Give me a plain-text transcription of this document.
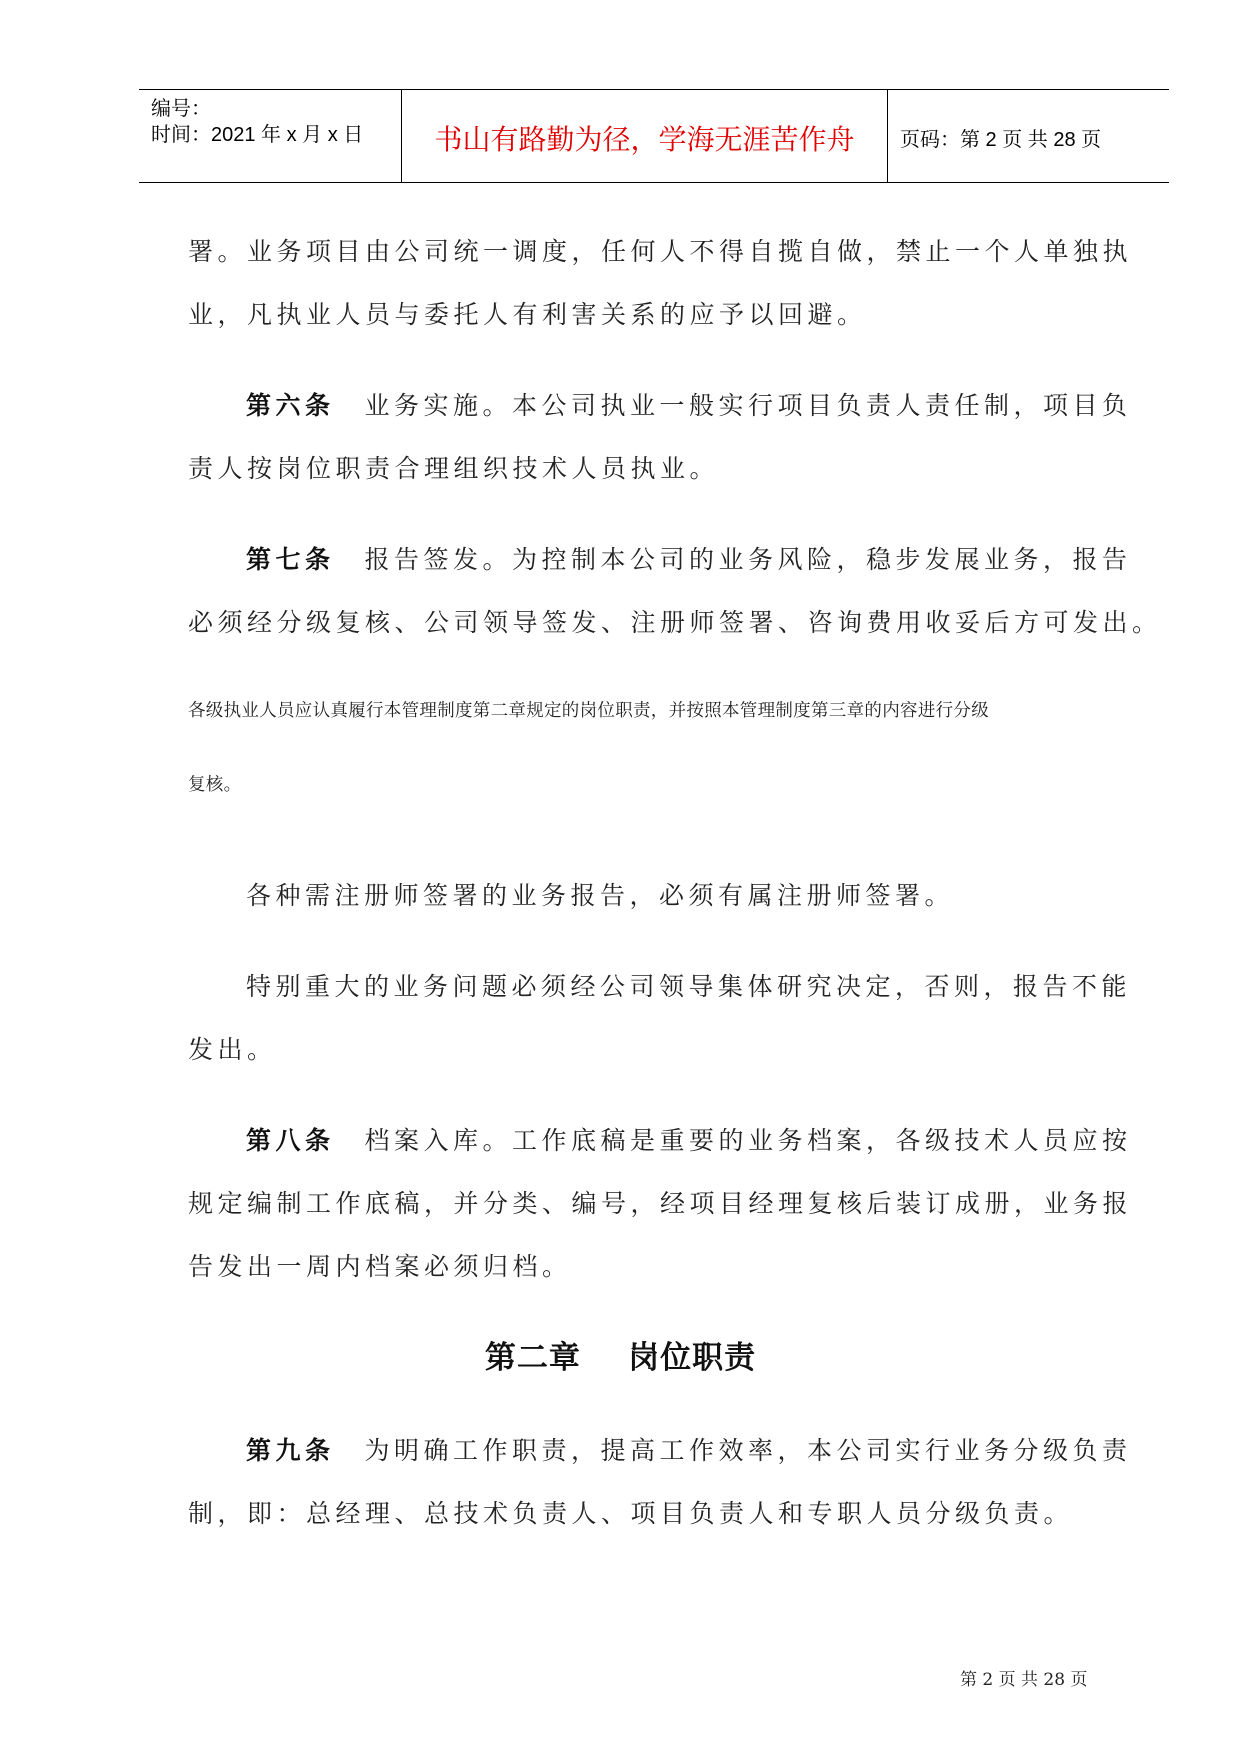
编号：
时间：2021 年 x 月 x 日	书山有路勤为径，学海无涯苦作舟	页码：第 2 页 共 28 页
署。业务项目由公司统一调度，任何人不得自揽自做，禁止一个人单独执
业，凡执业人员与委托人有利害关系的应予以回避。
第六条 业务实施。本公司执业一般实行项目负责人责任制，项目负
责人按岗位职责合理组织技术人员执业。
第七条 报告签发。为控制本公司的业务风险，稳步发展业务，报告
必须经分级复核、公司领导签发、注册师签署、咨询费用收妥后方可发出。
各级执业人员应认真履行本管理制度第二章规定的岗位职责，并按照本管理制度第三章的内容进行分级
复核。
各种需注册师签署的业务报告，必须有属注册师签署。
特别重大的业务问题必须经公司领导集体研究决定，否则，报告不能
发出。
第八条 档案入库。工作底稿是重要的业务档案，各级技术人员应按
规定编制工作底稿，并分类、编号，经项目经理复核后装订成册，业务报
告发出一周内档案必须归档。
第二章    岗位职责
第九条 为明确工作职责，提高工作效率，本公司实行业务分级负责
制，即：总经理、总技术负责人、项目负责人和专职人员分级负责。
第 2 页 共 28 页
